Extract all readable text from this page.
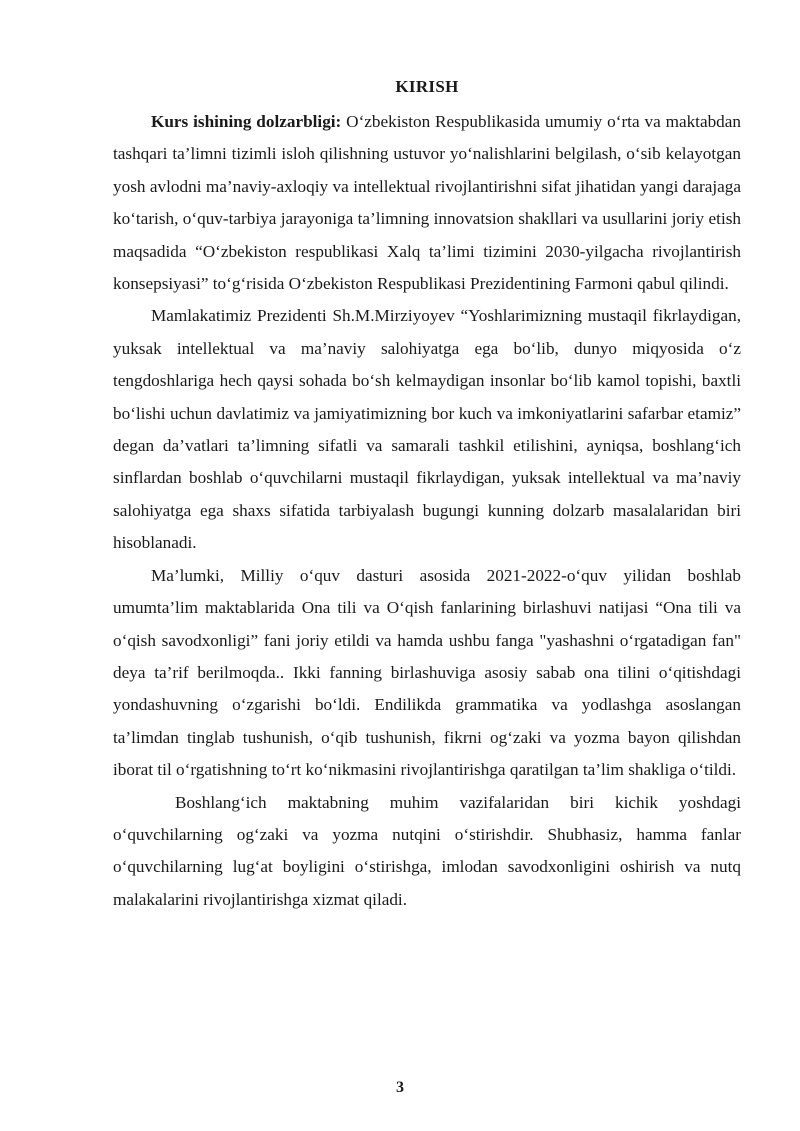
KIRISH

Kurs ishining dolzarbligi: O‘zbekiston Respublikasida umumiy o‘rta va maktabdan tashqari ta’limni tizimli isloh qilishning ustuvor yo‘nalishlarini belgilash, o‘sib kelayotgan yosh avlodni ma’naviy-axloqiy va intellektual rivojlantirishni sifat jihatidan yangi darajaga ko‘tarish, o‘quv-tarbiya jarayoniga ta’limning innovatsion shakllari va usullarini joriy etish maqsadida “O‘zbekiston respublikasi Xalq ta’limi tizimini 2030-yilgacha rivojlantirish konsepsiyasi” to‘g‘risida O‘zbekiston Respublikasi Prezidentining Farmoni qabul qilindi.

Mamlakatimiz Prezidenti Sh.M.Mirziyoyev “Yoshlarimizning mustaqil fikrlaydigan, yuksak intellektual va ma’naviy salohiyatga ega bo‘lib, dunyo miqyosida o‘z tengdoshlariga hech qaysi sohada bo‘sh kelmaydigan insonlar bo‘lib kamol topishi, baxtli bo‘lishi uchun davlatimiz va jamiyatimizning bor kuch va imkoniyatlarini safarbar etamiz” degan da’vatlari ta’limning sifatli va samarali tashkil etilishini, ayniqsa, boshlang‘ich sinflardan boshlab o‘quvchilarni mustaqil fikrlaydigan, yuksak intellektual va ma’naviy salohiyatga ega shaxs sifatida tarbiyalash bugungi kunning dolzarb masalalaridan biri hisoblanadi.

Ma’lumki, Milliy o‘quv dasturi asosida 2021-2022-o‘quv yilidan boshlab umumta’lim maktablarida Ona tili va O‘qish fanlarining birlashuvi natijasi “Ona tili va o‘qish savodxonligi” fani joriy etildi va hamda ushbu fanga "yashashni o‘rgatadigan fan" deya ta’rif berilmoqda.. Ikki fanning birlashuviga asosiy sabab ona tilini o‘qitishdagi yondashuvning o‘zgarishi bo‘ldi. Endilikda grammatika va yodlashga asoslangan ta’limdan tinglab tushunish, o‘qib tushunish, fikrni og‘zaki va yozma bayon qilishdan iborat til o‘rgatishning to‘rt ko‘nikmasini rivojlantirishga qaratilgan ta’lim shakliga o‘tildi.

Boshlang‘ich maktabning muhim vazifalaridan biri kichik yoshdagi o‘quvchilarning og‘zaki va yozma nutqini o‘stirishdir. Shubhasiz, hamma fanlar o‘quvchilarning lug‘at boyligini o‘stirishga, imlodan savodxonligini oshirish va nutq malakalarini rivojlantirishga xizmat qiladi.

3
